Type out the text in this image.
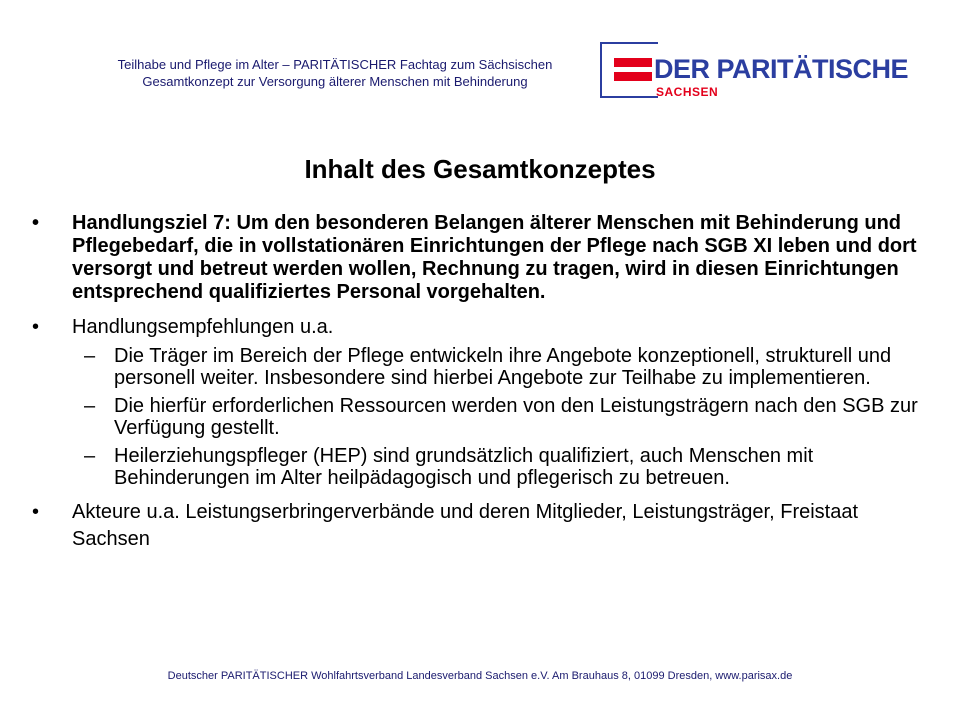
Teilhabe und Pflege im Alter – PARITÄTISCHER Fachtag zum Sächsischen
Gesamtkonzept zur Versorgung älterer Menschen mit Behinderung	DER PARITÄTISCHE
SACHSEN
Inhalt des Gesamtkonzeptes
• Handlungsziel 7: Um den besonderen Belangen älterer Menschen mit Behinderung und Pflegebedarf, die in vollstationären Einrichtungen der Pflege nach SGB XI leben und dort versorgt und betreut werden wollen, Rechnung zu tragen, wird in diesen Einrichtungen entsprechend qualifiziertes Personal vorgehalten.
• Handlungsempfehlungen u.a.
– Die Träger im Bereich der Pflege entwickeln ihre Angebote konzeptionell, strukturell und personell weiter. Insbesondere sind hierbei Angebote zur Teilhabe zu implementieren.
– Die hierfür erforderlichen Ressourcen werden von den Leistungsträgern nach den SGB zur Verfügung gestellt.
– Heilerziehungspfleger (HEP) sind grundsätzlich qualifiziert, auch Menschen mit Behinderungen im Alter heilpädagogisch und pflegerisch zu betreuen.
• Akteure u.a. Leistungserbringerverbände und deren Mitglieder, Leistungsträger, Freistaat Sachsen
Deutscher PARITÄTISCHER Wohlfahrtsverband Landesverband Sachsen e.V. Am Brauhaus 8, 01099 Dresden, www.parisax.de
